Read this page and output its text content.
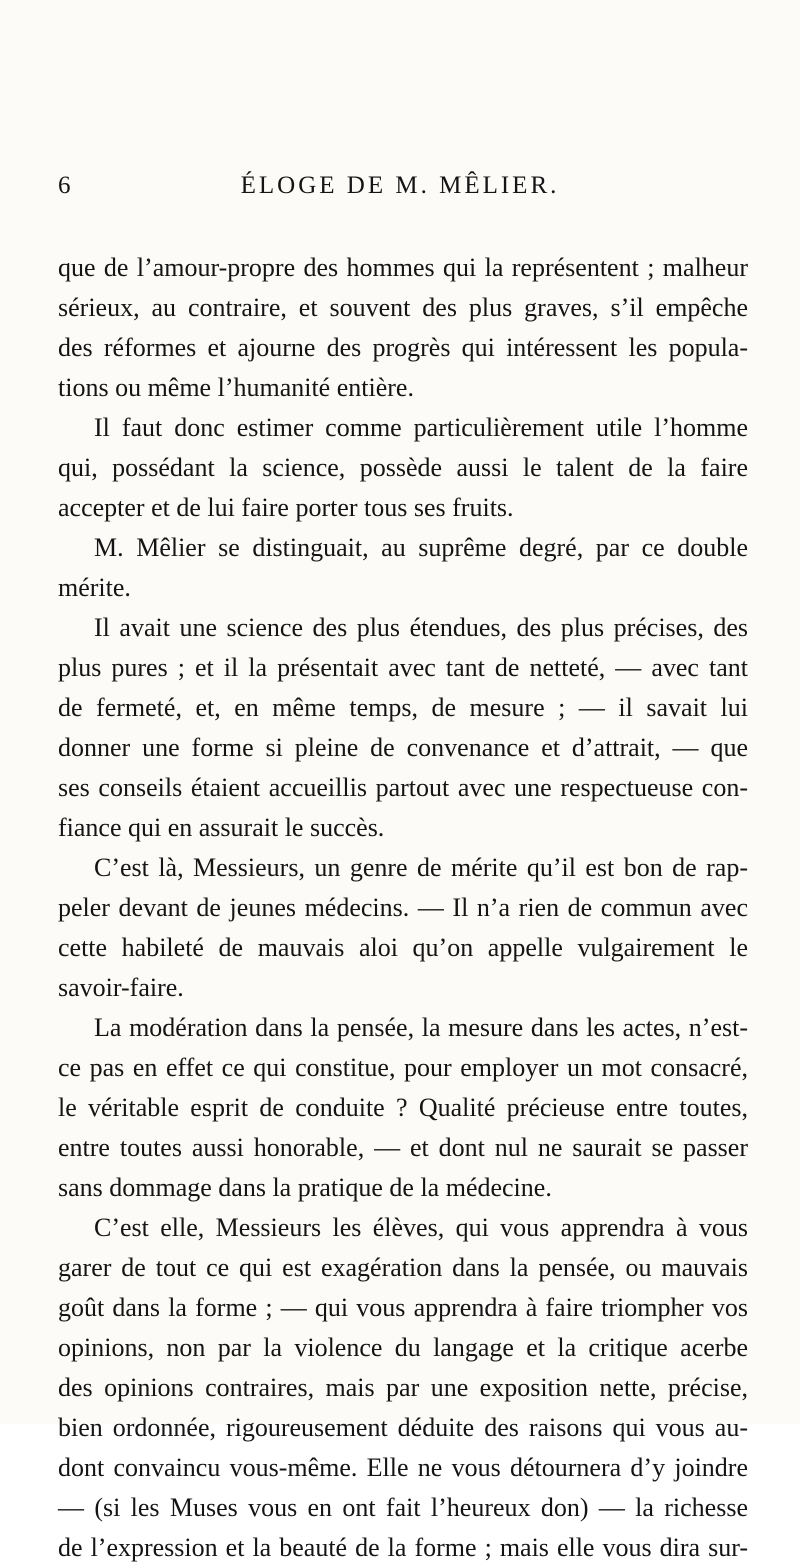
6	ÉLOGE DE M. MÊLIER.
que de l’amour-propre des hommes qui la représentent ; malheur
sérieux, au contraire, et souvent des plus graves, s’il empêche
des réformes et ajourne des progrès qui intéressent les popula-
tions ou même l’humanité entière.
Il faut donc estimer comme particulièrement utile l’homme
qui, possédant la science, possède aussi le talent de la faire
accepter et de lui faire porter tous ses fruits.
M. Mêlier se distinguait, au suprême degré, par ce double
mérite.
Il avait une science des plus étendues, des plus précises, des
plus pures ; et il la présentait avec tant de netteté, — avec tant
de fermeté, et, en même temps, de mesure ; — il savait lui
donner une forme si pleine de convenance et d’attrait, — que
ses conseils étaient accueillis partout avec une respectueuse con-
fiance qui en assurait le succès.
C’est là, Messieurs, un genre de mérite qu’il est bon de rap-
peler devant de jeunes médecins. — Il n’a rien de commun avec
cette habileté de mauvais aloi qu’on appelle vulgairement le
savoir-faire.
La modération dans la pensée, la mesure dans les actes, n’est-
ce pas en effet ce qui constitue, pour employer un mot consacré,
le véritable esprit de conduite ? Qualité précieuse entre toutes,
entre toutes aussi honorable, — et dont nul ne saurait se passer
sans dommage dans la pratique de la médecine.
C’est elle, Messieurs les élèves, qui vous apprendra à vous
garer de tout ce qui est exagération dans la pensée, ou mauvais
goût dans la forme ; — qui vous apprendra à faire triompher vos
opinions, non par la violence du langage et la critique acerbe
des opinions contraires, mais par une exposition nette, précise,
bien ordonnée, rigoureusement déduite des raisons qui vous au-
dont convaincu vous-même. Elle ne vous détournera d’y joindre
— (si les Muses vous en ont fait l’heureux don) — la richesse
de l’expression et la beauté de la forme ; mais elle vous dira sur-
